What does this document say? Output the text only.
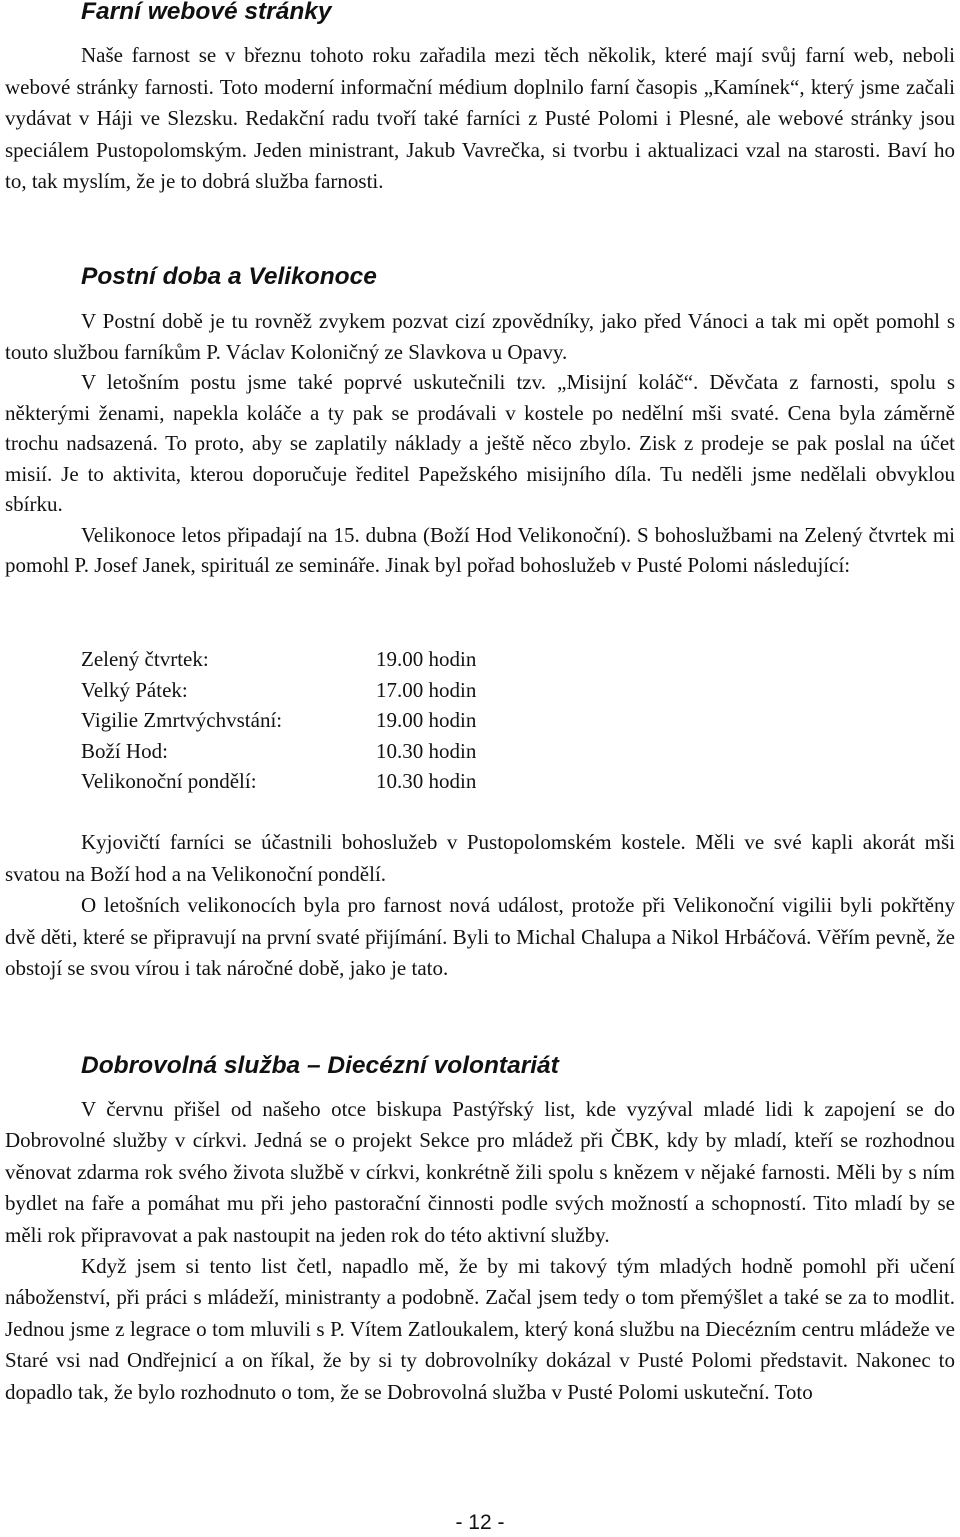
Farní webové stránky

Naše farnost se v březnu tohoto roku zařadila mezi těch několik, které mají svůj farní web, neboli webové stránky farnosti. Toto moderní informační médium doplnilo farní časopis „Kamínek“, který jsme začali vydávat v Háji ve Slezsku. Redakční radu tvoří také farníci z Pusté Polomi i Plesné, ale webové stránky jsou speciálem Pustopolomským. Jeden ministrant, Jakub Vavrečka, si tvorbu i aktualizaci vzal na starosti. Baví ho to, tak myslím, že je to dobrá služba farnosti.

Postní doba a Velikonoce

V Postní době je tu rovněž zvykem pozvat cizí zpovědníky, jako před Vánoci a tak mi opět pomohl s touto službou farníkům P. Václav Koloničný ze Slavkova u Opavy.

V letošním postu jsme také poprvé uskutečnili tzv. „Misijní koláč“. Děvčata z farnosti, spolu s některými ženami, napekla koláče a ty pak se prodávali v kostele po nedělní mši svaté. Cena byla záměrně trochu nadsazená. To proto, aby se zaplatily náklady a ještě něco zbylo. Zisk z prodeje se pak poslal na účet misií. Je to aktivita, kterou doporučuje ředitel Papežského misijního díla. Tu neděli jsme nedělali obvyklou sbírku.

Velikonoce letos připadají na 15. dubna (Boží Hod Velikonoční). S bohoslužbami na Zelený čtvrtek mi pomohl P. Josef Janek, spirituál ze semináře. Jinak byl pořad bohoslužeb v Pusté Polomi následující:

Zelený čtvrtek:	19.00 hodin
Velký Pátek:	17.00 hodin
Vigilie Zmrtvýchvstání:	19.00 hodin
Boží Hod:	10.30 hodin
Velikonoční pondělí:	10.30 hodin

Kyjovičtí farníci se účastnili bohoslužeb v Pustopolomském kostele. Měli ve své kapli akorát mši svatou na Boží hod a na Velikonoční pondělí.

O letošních velikonocích byla pro farnost nová událost, protože při Velikonoční vigilii byli pokřtěny dvě děti, které se připravují na první svaté přijímání. Byli to Michal Chalupa a Nikol Hrbáčová. Věřím pevně, že obstojí se svou vírou i tak náročné době, jako je tato.

Dobrovolná služba – Diecézní volontariát

V červnu přišel od našeho otce biskupa Pastýřský list, kde vyzýval mladé lidi k zapojení se do Dobrovolné služby v církvi. Jedná se o projekt Sekce pro mládež při ČBK, kdy by mladí, kteří se rozhodnou věnovat zdarma rok svého života službě v církvi, konkrétně žili spolu s knězem v nějaké farnosti. Měli by s ním bydlet na faře a pomáhat mu při jeho pastorační činnosti podle svých možností a schopností. Tito mladí by se měli rok připravovat a pak nastoupit na jeden rok do této aktivní služby.

Když jsem si tento list četl, napadlo mě, že by mi takový tým mladých hodně pomohl při učení náboženství, při práci s mládeží, ministranty a podobně. Začal jsem tedy o tom přemýšlet a také se za to modlit. Jednou jsme z legrace o tom mluvili s P. Vítem Zatloukalem, který koná službu na Diecézním centru mládeže ve Staré vsi nad Ondřejnicí a on říkal, že by si ty dobrovolníky dokázal v Pusté Polomi představit. Nakonec to dopadlo tak, že bylo rozhodnuto o tom, že se Dobrovolná služba v Pusté Polomi uskuteční. Toto

- 12 -
